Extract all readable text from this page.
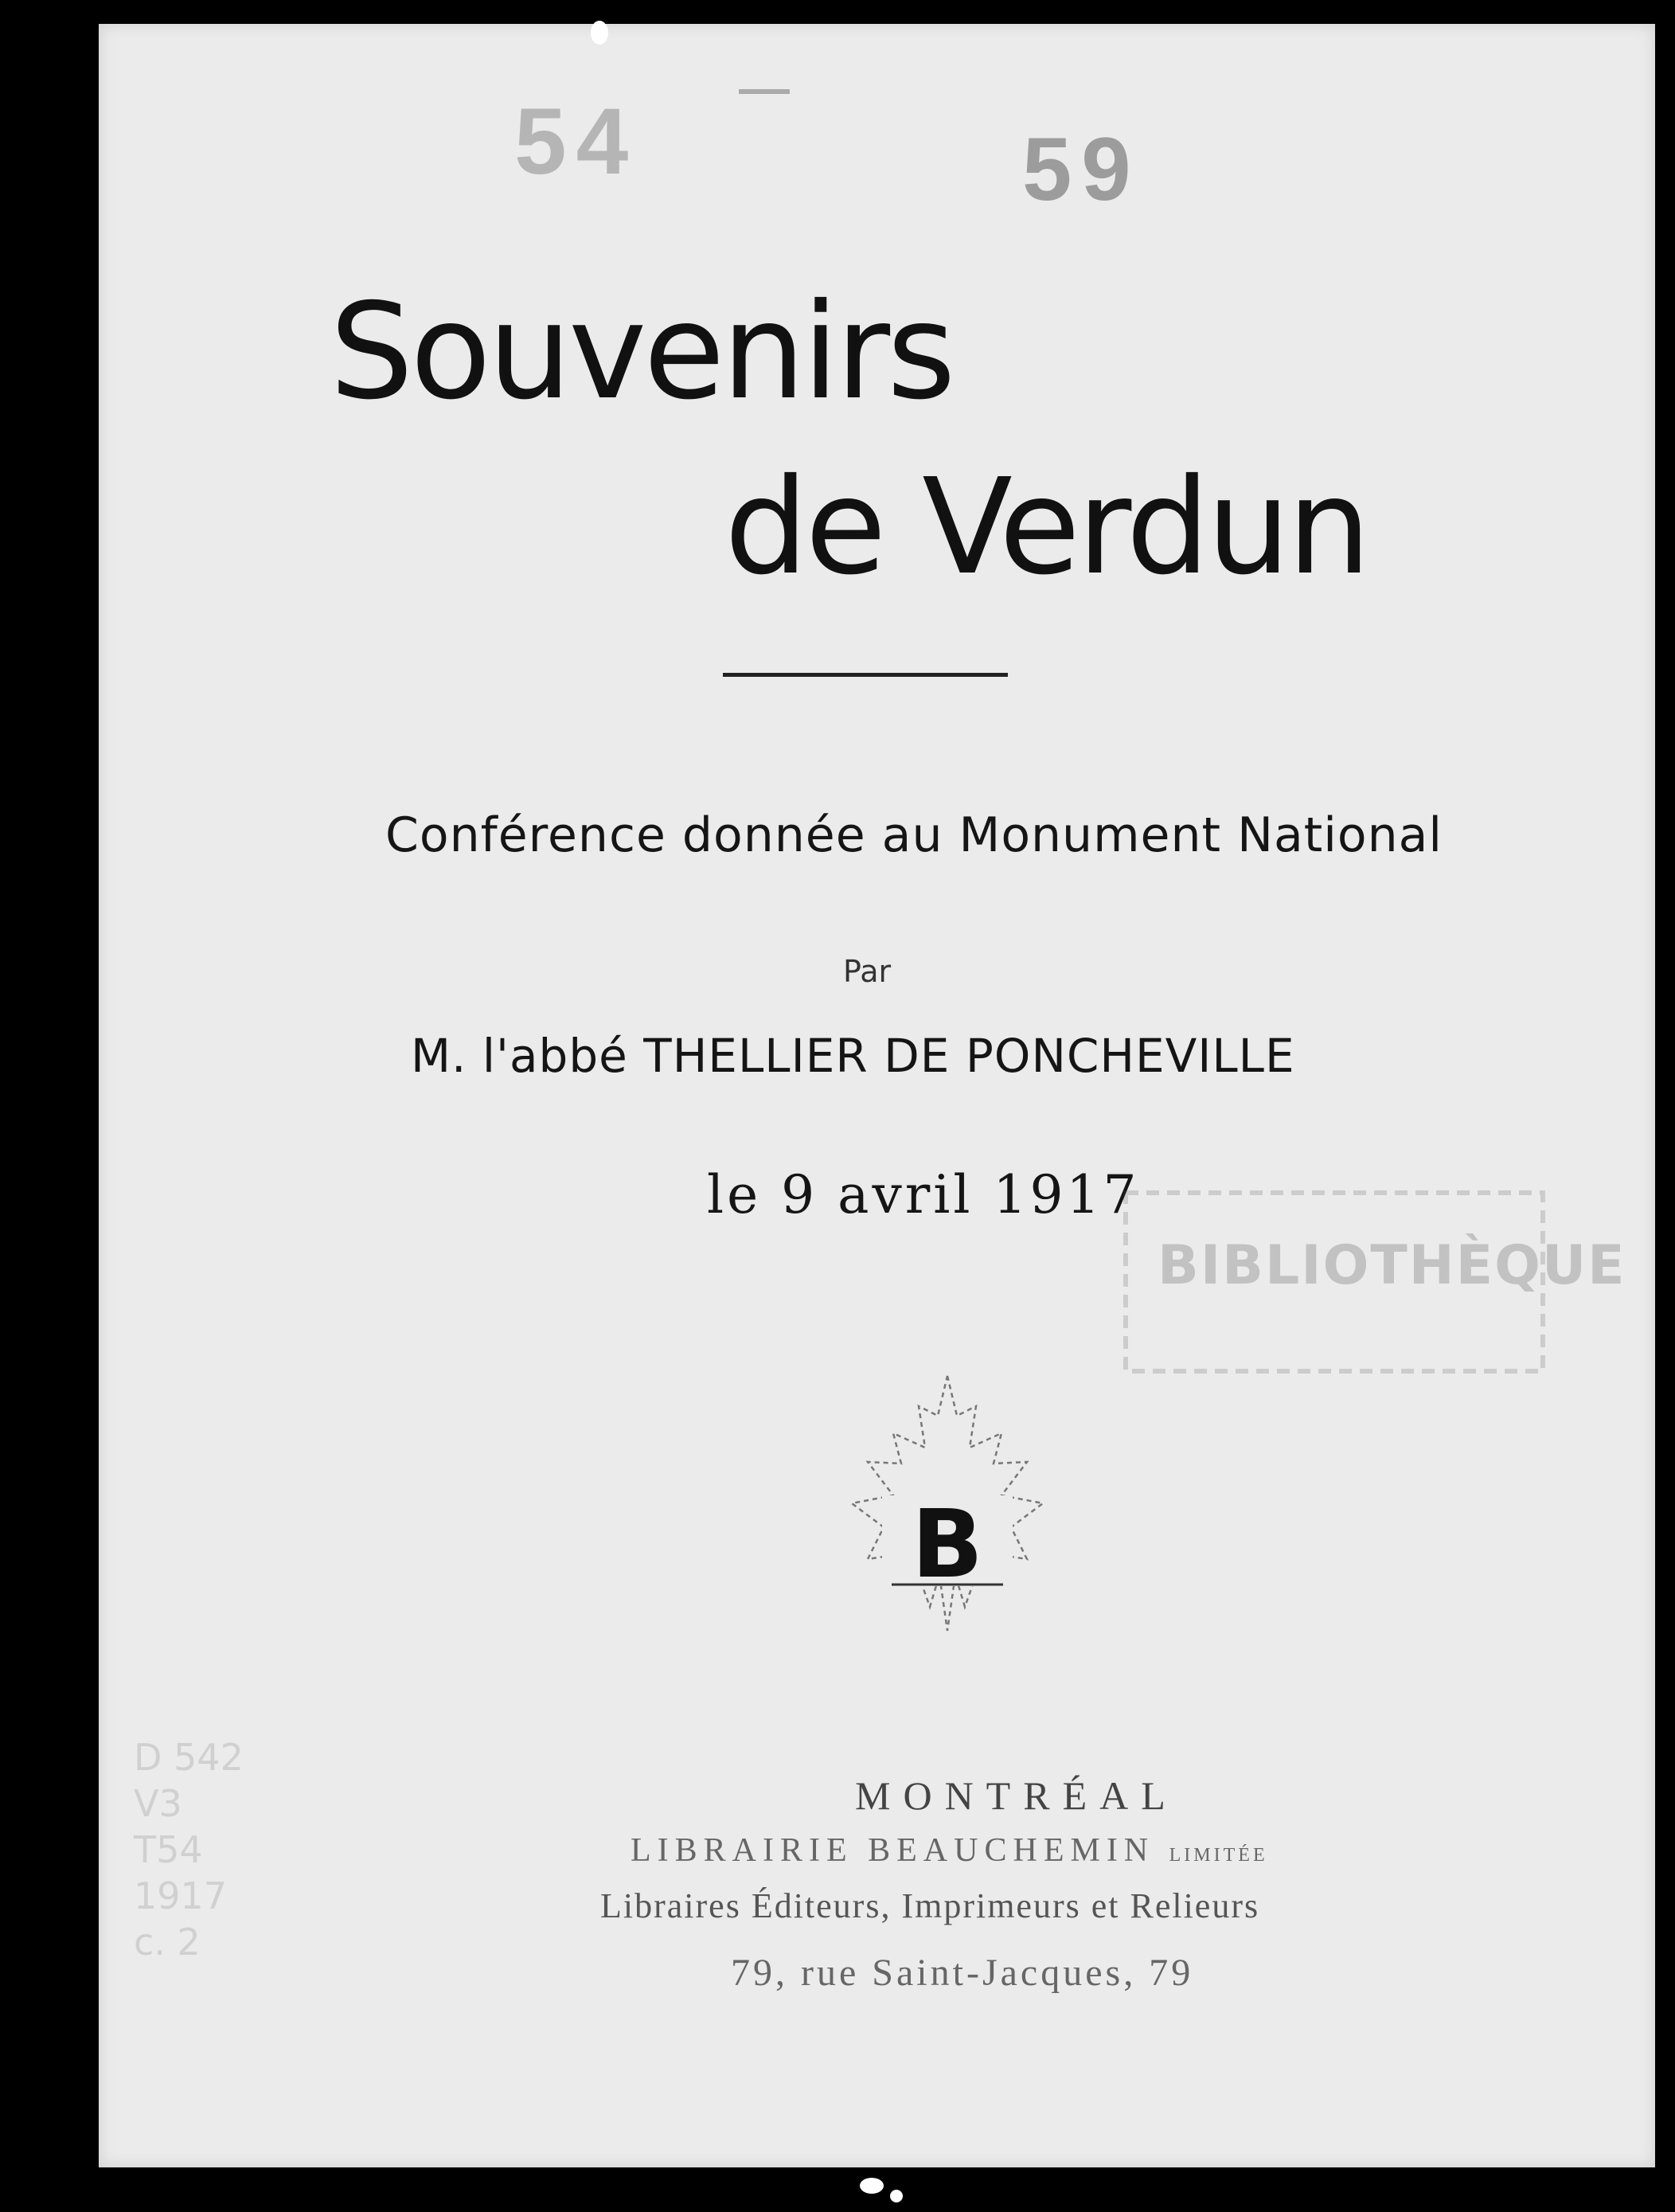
54	59
Souvenirs
de Verdun
Conférence donnée au Monument National
Par
M. l'abbé THELLIER DE PONCHEVILLE
le 9 avril 1917
BIBLIOTHÈQUE
B
MONTRÉAL
LIBRAIRIE BEAUCHEMIN LIMITÉE
Libraires Éditeurs, Imprimeurs et Relieurs
79, rue Saint-Jacques, 79
D 542
V3
T54
1917
c. 2
